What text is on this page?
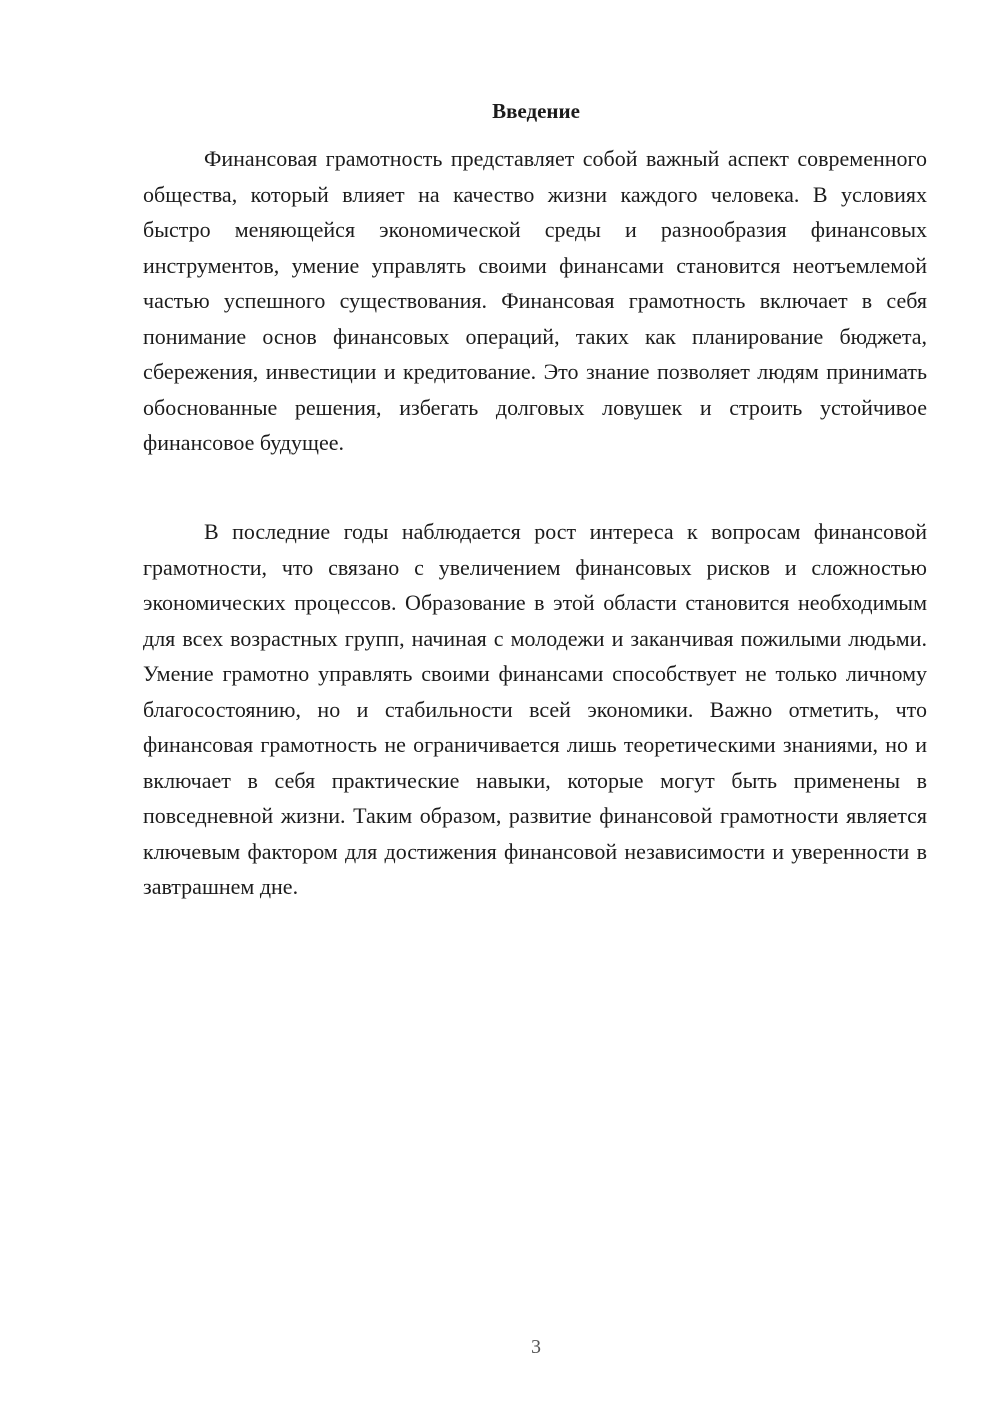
Введение

Финансовая грамотность представляет собой важный аспект современного общества, который влияет на качество жизни каждого человека. В условиях быстро меняющейся экономической среды и разнообразия финансовых инструментов, умение управлять своими финансами становится неотъемлемой частью успешного существования. Финансовая грамотность включает в себя понимание основ финансовых операций, таких как планирование бюджета, сбережения, инвестиции и кредитование. Это знание позволяет людям принимать обоснованные решения, избегать долговых ловушек и строить устойчивое финансовое будущее.

В последние годы наблюдается рост интереса к вопросам финансовой грамотности, что связано с увеличением финансовых рисков и сложностью экономических процессов. Образование в этой области становится необходимым для всех возрастных групп, начиная с молодежи и заканчивая пожилыми людьми. Умение грамотно управлять своими финансами способствует не только личному благосостоянию, но и стабильности всей экономики. Важно отметить, что финансовая грамотность не ограничивается лишь теоретическими знаниями, но и включает в себя практические навыки, которые могут быть применены в повседневной жизни. Таким образом, развитие финансовой грамотности является ключевым фактором для достижения финансовой независимости и уверенности в завтрашнем дне.

3
